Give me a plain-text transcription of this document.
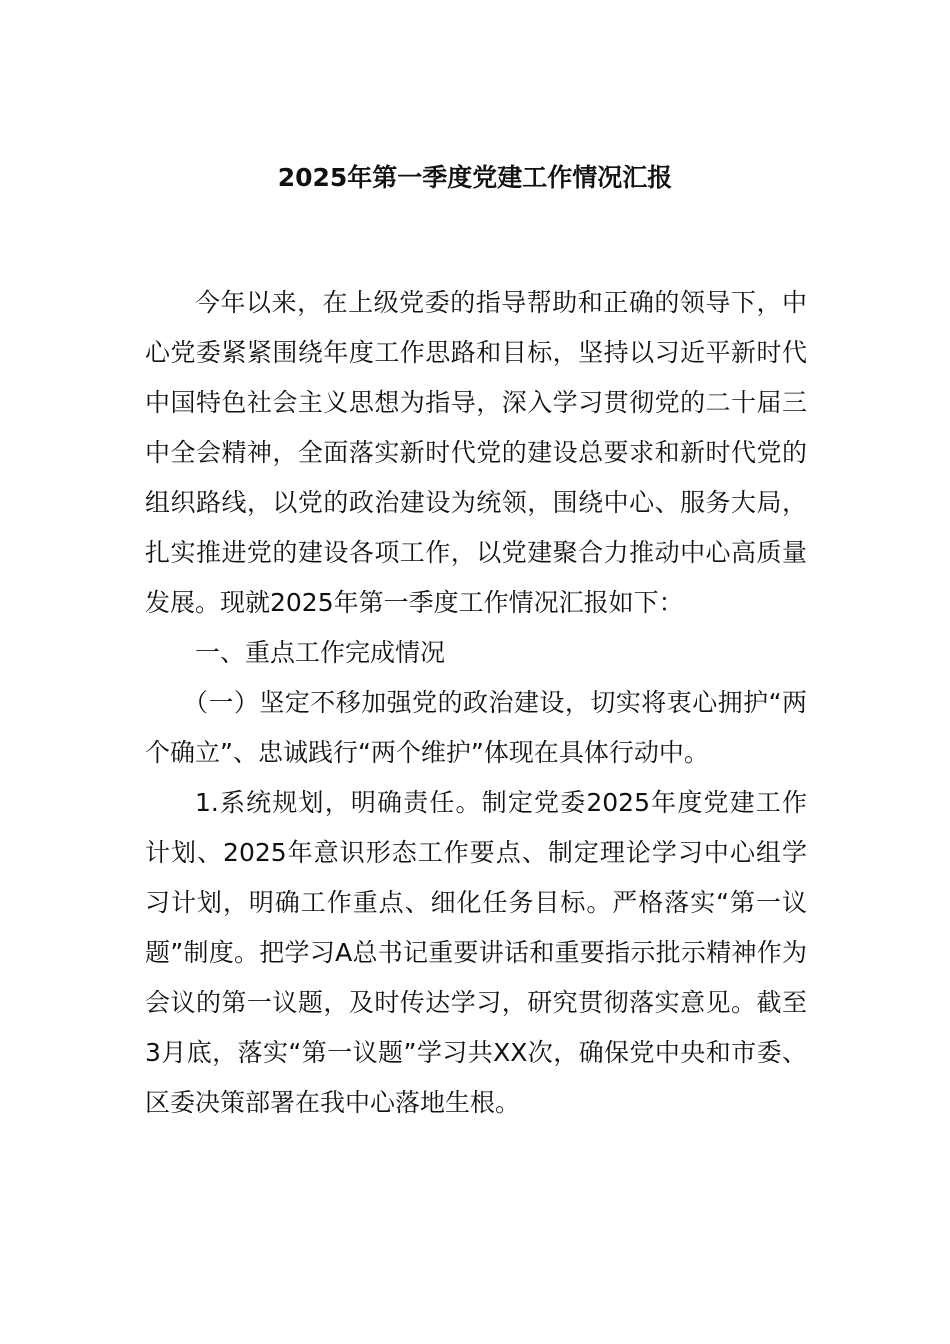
2025年第一季度党建工作情况汇报

今年以来，在上级党委的指导帮助和正确的领导下，中心党委紧紧围绕年度工作思路和目标，坚持以习近平新时代中国特色社会主义思想为指导，深入学习贯彻党的二十届三中全会精神，全面落实新时代党的建设总要求和新时代党的组织路线，以党的政治建设为统领，围绕中心、服务大局，扎实推进党的建设各项工作，以党建聚合力推动中心高质量发展。现就2025年第一季度工作情况汇报如下：

一、重点工作完成情况

（一）坚定不移加强党的政治建设，切实将衷心拥护“两个确立”、忠诚践行“两个维护”体现在具体行动中。

1.系统规划，明确责任。制定党委2025年度党建工作计划、2025年意识形态工作要点、制定理论学习中心组学习计划，明确工作重点、细化任务目标。严格落实“第一议题”制度。把学习A总书记重要讲话和重要指示批示精神作为会议的第一议题，及时传达学习，研究贯彻落实意见。截至3月底，落实“第一议题”学习共XX次，确保党中央和市委、区委决策部署在我中心落地生根。
